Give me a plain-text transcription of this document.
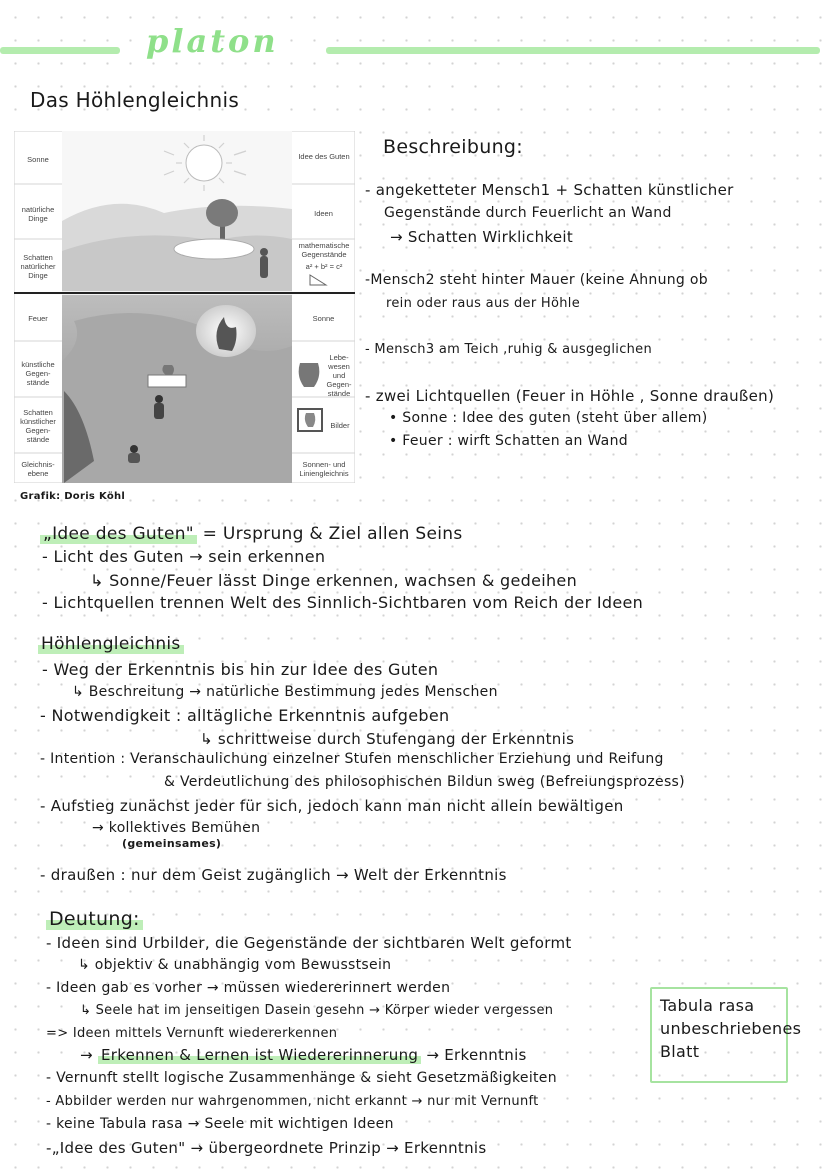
platon
Das Höhlengleichnis
Sonne
natürliche Dinge
Schatten natürlicher Dinge
Feuer
künstliche Gegen-stände
Schatten künstlicher Gegen-stände
Gleichnis-ebene
Idee des Guten
Ideen
mathematische Gegenstände
a² + b² = c²
Sonne
Lebe-wesen und Gegen-stände
Bilder
Sonnen- und Liniengleichnis
Grafik: Doris Köhl
Beschreibung:
- angeketteter Mensch1 + Schatten künstlicher
Gegenstände durch Feuerlicht an Wand
→ Schatten Wirklichkeit
-Mensch2 steht hinter Mauer (keine Ahnung ob
rein oder raus aus der Höhle
- Mensch3 am Teich ,ruhig & ausgeglichen
- zwei Lichtquellen (Feuer in Höhle , Sonne draußen)
• Sonne : Idee des guten (steht über allem)
• Feuer : wirft Schatten an Wand
„Idee des Guten" = Ursprung & Ziel allen Seins
- Licht des Guten → sein erkennen
↳ Sonne/Feuer lässt Dinge erkennen, wachsen & gedeihen
- Lichtquellen trennen Welt des Sinnlich-Sichtbaren vom Reich der Ideen
Höhlengleichnis
- Weg der Erkenntnis bis hin zur Idee des Guten
↳ Beschreitung → natürliche Bestimmung jedes Menschen
- Notwendigkeit : alltägliche Erkenntnis aufgeben
↳ schrittweise durch Stufengang der Erkenntnis
- Intention : Veranschaulichung einzelner Stufen menschlicher Erziehung und Reifung
& Verdeutlichung des philosophischen Bildun sweg (Befreiungsprozess)
- Aufstieg zunächst jeder für sich, jedoch kann man nicht allein bewältigen
→ kollektives Bemühen
(gemeinsames)
- draußen : nur dem Geist zugänglich → Welt der Erkenntnis
Deutung:
- Ideen sind Urbilder, die Gegenstände der sichtbaren Welt geformt
↳ objektiv & unabhängig vom Bewusstsein
- Ideen gab es vorher → müssen wiedererinnert werden
↳ Seele hat im jenseitigen Dasein gesehn → Körper wieder vergessen
=> Ideen mittels Vernunft wiedererkennen
→ Erkennen & Lernen ist Wiedererinnerung → Erkenntnis
- Vernunft stellt logische Zusammenhänge & sieht Gesetzmäßigkeiten
- Abbilder werden nur wahrgenommen, nicht erkannt → nur mit Vernunft
- keine Tabula rasa → Seele mit wichtigen Ideen
-„Idee des Guten" → übergeordnete Prinzip → Erkenntnis
Tabula rasa
unbeschriebenes
Blatt
